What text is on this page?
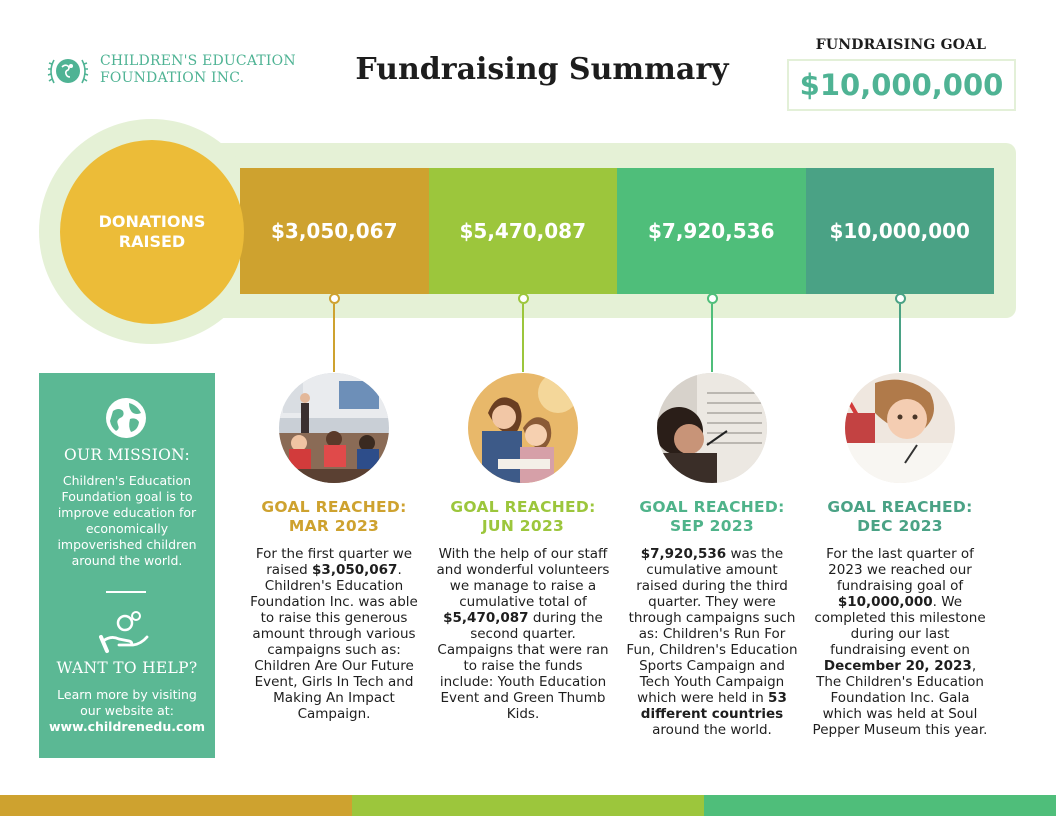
CHILDREN'S EDUCATION
FOUNDATION INC.	Fundraising Summary
FUNDRAISING GOAL
$10,000,000
$3,050,067	$5,470,087	$7,920,536	$10,000,000
DONATIONS RAISED
GOAL REACHED:
MAR 2023
For the first quarter we raised $3,050,067. Children's Education Foundation Inc. was able to raise this generous amount through various campaigns such as: Children Are Our Future Event, Girls In Tech and Making An Impact Campaign.
GOAL REACHED:
JUN 2023
With the help of our staff and wonderful volunteers we manage to raise a cumulative total of $5,470,087 during the second quarter. Campaigns that were ran to raise the funds include: Youth Education Event and Green Thumb Kids.
GOAL REACHED:
SEP 2023
$7,920,536 was the cumulative amount raised during the third quarter. They were through campaigns such as: Children's Run For Fun, Children's Education Sports Campaign and Tech Youth Campaign which were held in 53 different countries around the world.
GOAL REACHED:
DEC 2023
For the last quarter of 2023 we reached our fundraising goal of $10,000,000. We completed this milestone during our last fundraising event on December 20, 2023, The Children's Education Foundation Inc. Gala which was held at Soul Pepper Museum this year.
OUR MISSION:
Children's Education Foundation goal is to improve education for economically impoverished children around the world.
WANT TO HELP?
Learn more by visiting our website at:
www.childrenedu.com
